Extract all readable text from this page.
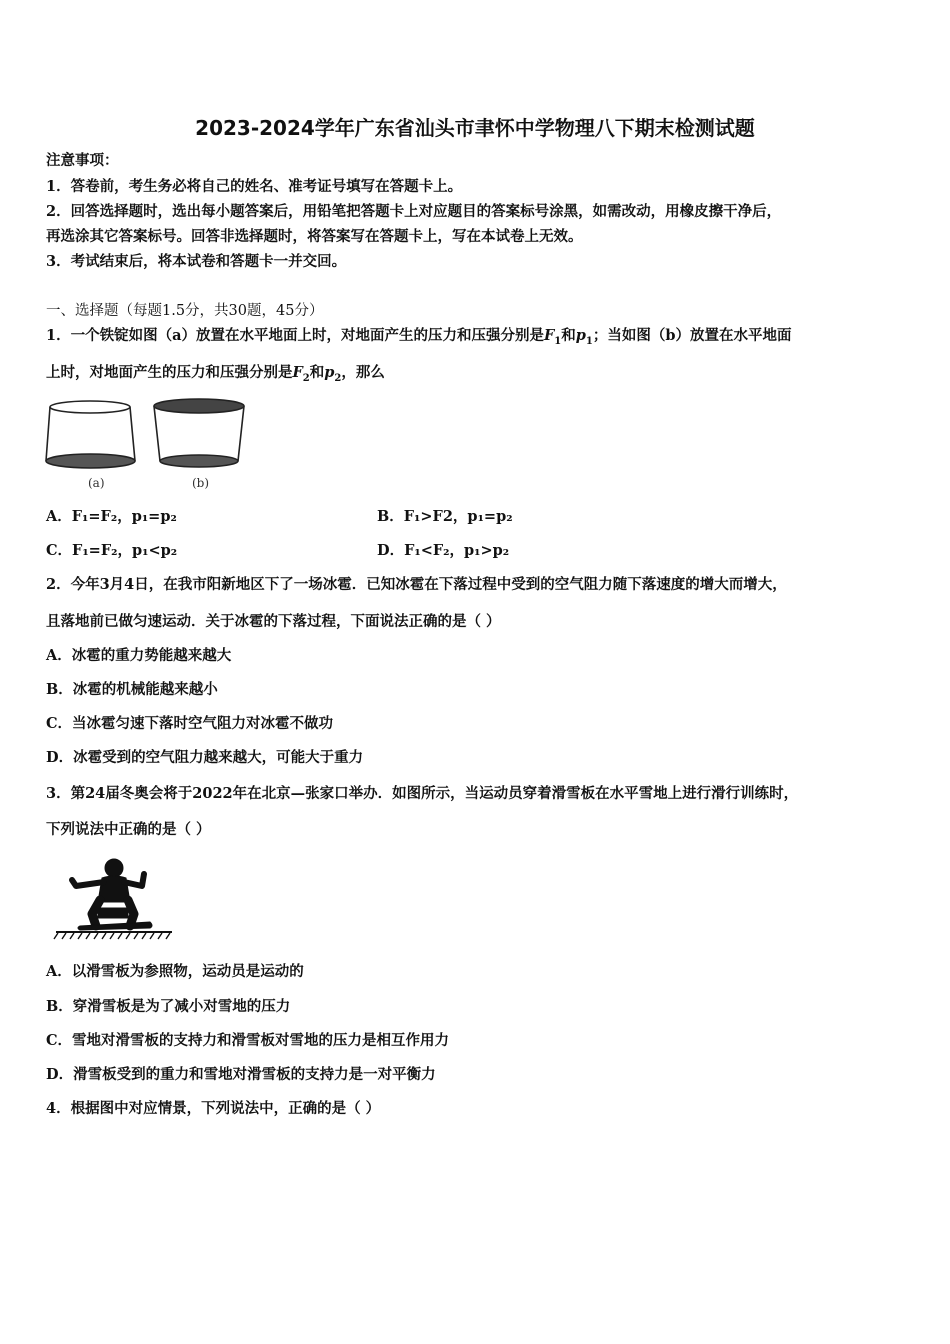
2023-2024学年广东省汕头市聿怀中学物理八下期末检测试题
注意事项：
1．答卷前，考生务必将自己的姓名、准考证号填写在答题卡上。
2．回答选择题时，选出每小题答案后，用铅笔把答题卡上对应题目的答案标号涂黑，如需改动，用橡皮擦干净后，
再选涂其它答案标号。回答非选择题时，将答案写在答题卡上，写在本试卷上无效。
3．考试结束后，将本试卷和答题卡一并交回。
一、选择题（每题1.5分，共30题，45分）
1．一个铁锭如图（a）放置在水平地面上时，对地面产生的压力和压强分别是$F_1$和$p_1$；当如图（b）放置在水平地面
上时，对地面产生的压力和压强分别是$F_2$和$p_2$，那么
(a)	(b)
A．F₁=F₂，p₁=p₂	B．F₁>F2，p₁=p₂
C．F₁=F₂，p₁<p₂	D．F₁<F₂，p₁>p₂
2．今年3月4日，在我市阳新地区下了一场冰雹．已知冰雹在下落过程中受到的空气阻力随下落速度的增大而增大，
且落地前已做匀速运动．关于冰雹的下落过程，下面说法正确的是（ ）
A．冰雹的重力势能越来越大
B．冰雹的机械能越来越小
C．当冰雹匀速下落时空气阻力对冰雹不做功
D．冰雹受到的空气阻力越来越大，可能大于重力
3．第24届冬奥会将于2022年在北京—张家口举办．如图所示，当运动员穿着滑雪板在水平雪地上进行滑行训练时，
下列说法中正确的是（ ）
A．以滑雪板为参照物，运动员是运动的
B．穿滑雪板是为了减小对雪地的压力
C．雪地对滑雪板的支持力和滑雪板对雪地的压力是相互作用力
D．滑雪板受到的重力和雪地对滑雪板的支持力是一对平衡力
4．根据图中对应情景，下列说法中，正确的是（ ）
